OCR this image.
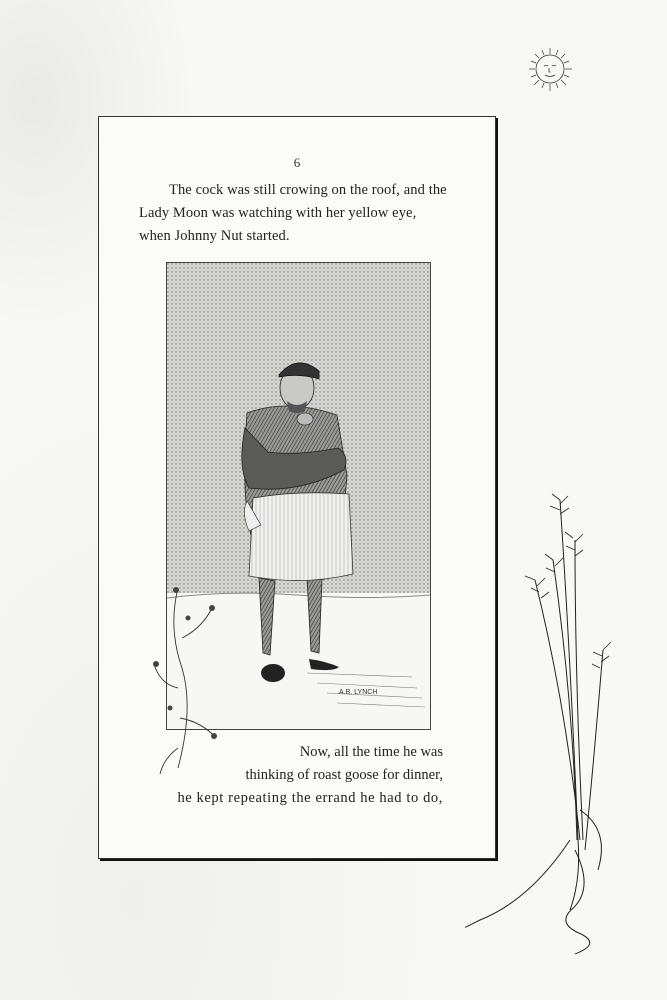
6
The cock was still crowing on the roof, and the
Lady Moon was watching with her yellow eye,
when Johnny Nut started.
A.B. LYNCH
Now, all the time he was
thinking of roast goose for dinner,
he kept repeating the errand he had to do,
